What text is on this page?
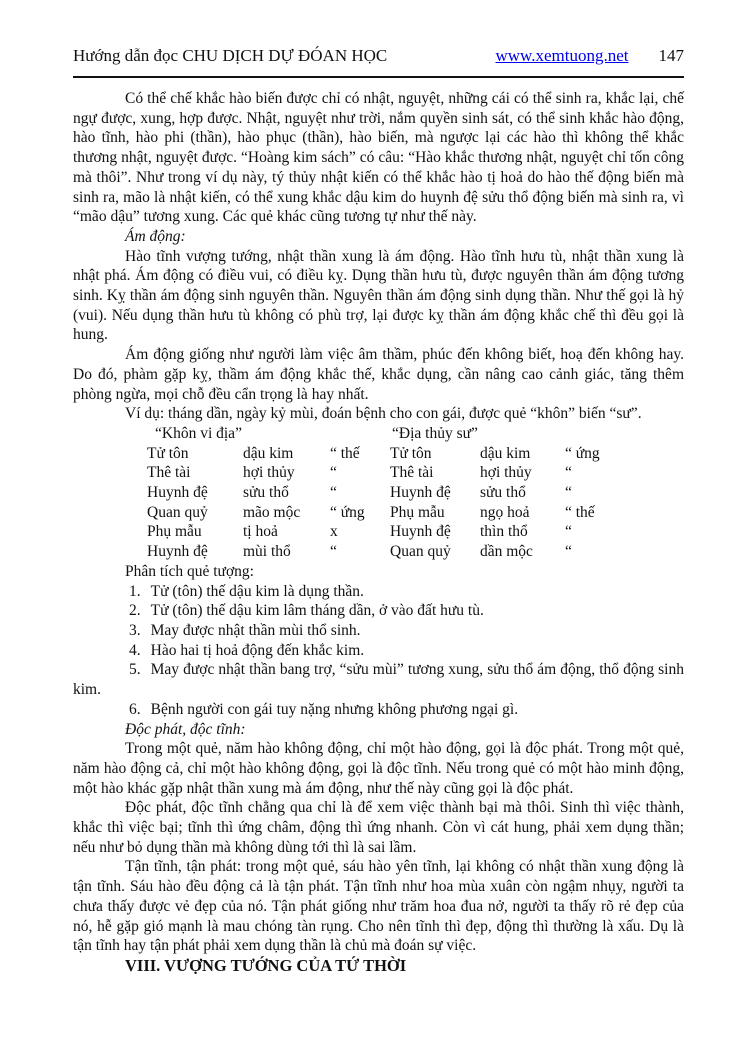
Hướng dẫn đọc CHU DỊCH DỰ ĐÓAN HỌC	www.xemtuong.net 147

Có thể chế khắc hào biến được chỉ có nhật, nguyệt, những cái có thể sinh ra, khắc lại, chế ngự được, xung, hợp được. Nhật, nguyệt như trời, nắm quyền sinh sát, có thể sinh khắc hào động, hào tĩnh, hào phi (thần), hào phục (thần), hào biến, mà ngược lại các hào thì không thể khắc thương nhật, nguyệt được. “Hoàng kim sách” có câu: “Hào khắc thương nhật, nguyệt chỉ tốn công mà thôi”. Như trong ví dụ này, tý thủy nhật kiến có thể khắc hào tị hoả do hào thế động biến mà sinh ra, mão là nhật kiến, có thể xung khắc dậu kim do huynh đệ sửu thổ động biến mà sinh ra, vì “mão dậu” tương xung. Các quẻ khác cũng tương tự như thế này.

Ám động:

Hào tĩnh vượng tướng, nhật thần xung là ám động. Hào tĩnh hưu tù, nhật thần xung là nhật phá. Ám động có điều vui, có điều kỵ. Dụng thần hưu tù, được nguyên thần ám động tương sinh. Kỵ thần ám động sinh nguyên thần. Nguyên thần ám động sinh dụng thần. Như thế gọi là hỷ (vui). Nếu dụng thần hưu tù không có phù trợ, lại được kỵ thần ám động khắc chế thì đều gọi là hung.

Ám động giống như người làm việc âm thầm, phúc đến không biết, hoạ đến không hay. Do đó, phàm gặp kỵ, thầm ám động khắc thế, khắc dụng, cần nâng cao cảnh giác, tăng thêm phòng ngừa, mọi chỗ đều cẩn trọng là hay nhất.

Ví dụ: tháng dần, ngày kỷ mùi, đoán bệnh cho con gái, được quẻ “khôn” biến “sư”.

“Khôn vi địa”	“Địa thủy sư”
Tử tôn	dậu kim	“ thế	Tử tôn	dậu kim	“ ứng
Thê tài	hợi thủy	“	Thê tài	hợi thủy	“
Huynh đệ	sửu thổ	“	Huynh đệ	sửu thổ	“
Quan quỷ	mão mộc	“ ứng	Phụ mẫu	ngọ hoả	“ thế
Phụ mẫu	tị hoả	x	Huynh đệ	thìn thổ	“
Huynh đệ	mùi thổ	“	Quan quỷ	dần mộc	“

Phân tích quẻ tượng:

1. Tử (tôn) thế dậu kim là dụng thần.

2. Tử (tôn) thế dậu kim lâm tháng dần, ở vào đất hưu tù.

3. May được nhật thần mùi thổ sinh.

4. Hào hai tị hoả động đến khắc kim.

5. May được nhật thần bang trợ, “sửu mùi” tương xung, sửu thổ ám động, thổ động sinh kim.

6. Bệnh người con gái tuy nặng nhưng không phương ngại gì.

Độc phát, độc tĩnh:

Trong một quẻ, năm hào không động, chỉ một hào động, gọi là độc phát. Trong một quẻ, năm hào động cả, chỉ một hào không động, gọi là độc tĩnh. Nếu trong quẻ có một hào minh động, một hào khác gặp nhật thần xung mà ám động, như thế này cũng gọi là độc phát.

Độc phát, độc tĩnh chẳng qua chỉ là để xem việc thành bại mà thôi. Sinh thì việc thành, khắc thì việc bại; tĩnh thì ứng châm, động thì ứng nhanh. Còn vì cát hung, phải xem dụng thần; nếu như bỏ dụng thần mà không dùng tới thì là sai lầm.

Tận tĩnh, tận phát: trong một quẻ, sáu hào yên tĩnh, lại không có nhật thần xung động là tận tĩnh. Sáu hào đều động cả là tận phát. Tận tĩnh như hoa mùa xuân còn ngậm nhụy, người ta chưa thấy được vẻ đẹp của nó. Tận phát giống như trăm hoa đua nở, người ta thấy rõ rẻ đẹp của nó, hễ gặp gió mạnh là mau chóng tàn rụng. Cho nên tĩnh thì đẹp, động thì thường là xấu. Dụ là tận tĩnh hay tận phát phải xem dụng thần là chủ mà đoán sự việc.

VIII. VƯỢNG TƯỚNG CỦA TỨ THỜI
